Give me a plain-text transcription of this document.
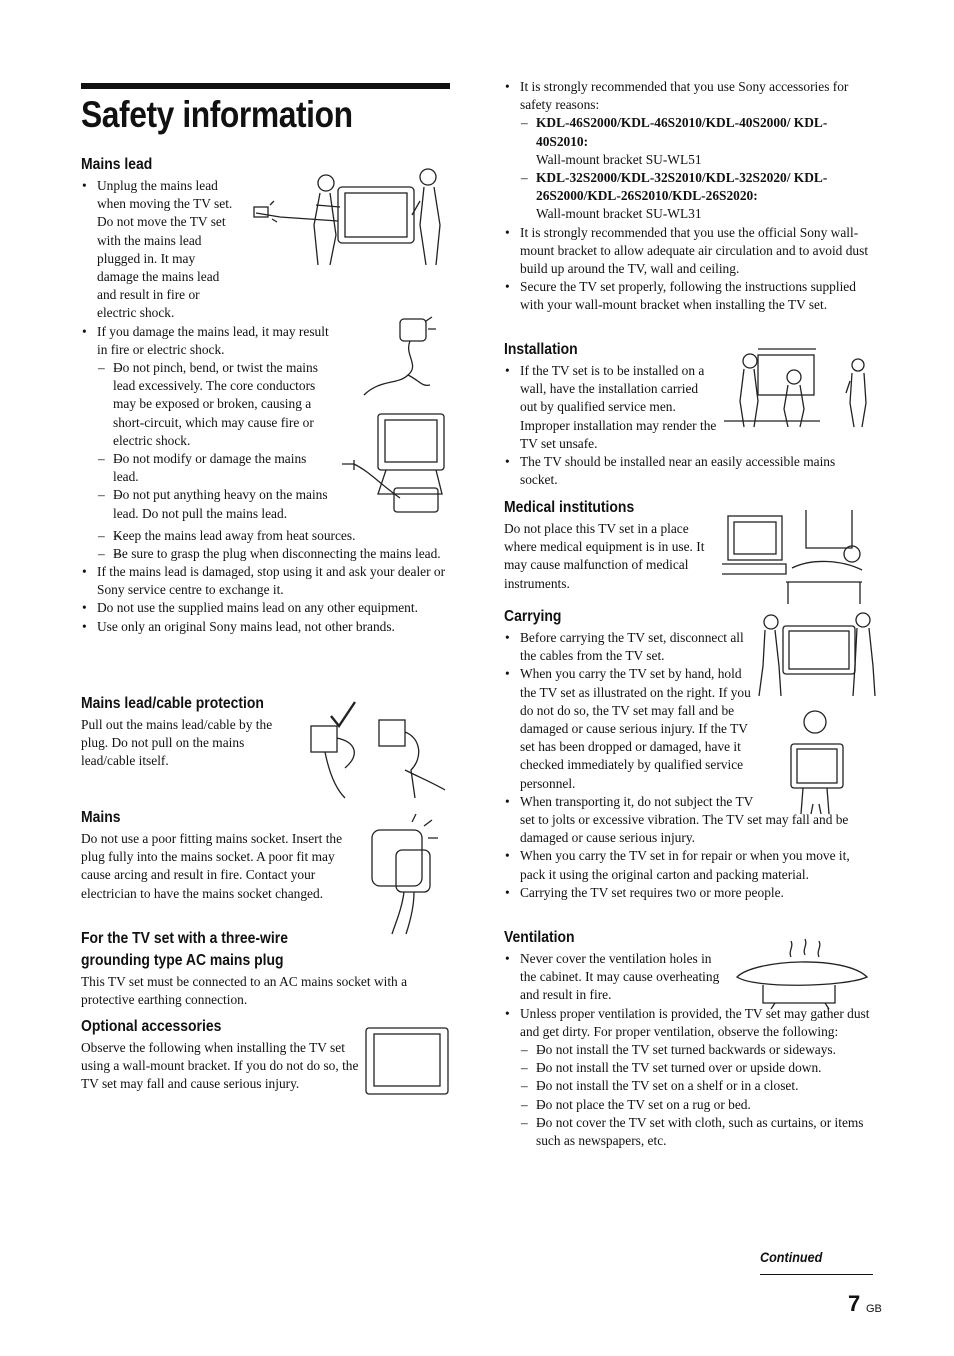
Safety information
Mains lead
• Unplug the mains lead when moving the TV set. Do not move the TV set with the mains lead plugged in. It may damage the mains lead and result in fire or electric shock.
• If you damage the mains lead, it may result in fire or electric shock.
– – Do not pinch, bend, or twist the mains lead excessively. The core conductors may be exposed or broken, causing a short-circuit, which may cause fire or electric shock.
– – Do not modify or damage the mains lead.
– – Do not put anything heavy on the mains lead. Do not pull the mains lead.
– – Keep the mains lead away from heat sources.
– – Be sure to grasp the plug when disconnecting the mains lead.
• If the mains lead is damaged, stop using it and ask your dealer or Sony service centre to exchange it.
• Do not use the supplied mains lead on any other equipment.
• Use only an original Sony mains lead, not other brands.
Mains lead/cable protection

Pull out the mains lead/cable by the plug. Do not pull on the mains lead/cable itself.

Mains

Do not use a poor fitting mains socket. Insert the plug fully into the mains socket. A poor fit may cause arcing and result in fire. Contact your electrician to have the mains socket changed.

For the TV set with a three-wire
grounding type AC mains plug

This TV set must be connected to an AC mains socket with a protective earthing connection.

Optional accessories

Observe the following when installing the TV set using a wall-mount bracket. If you do not do so, the TV set may fall and cause serious injury.

• It is strongly recommended that you use Sony accessories for safety reasons:
– KDL-46S2000/KDL-46S2010/KDL-40S2000/ KDL-40S2010:
Wall-mount bracket SU-WL51
– KDL-32S2000/KDL-32S2010/KDL-32S2020/ KDL-26S2000/KDL-26S2010/KDL-26S2020:
Wall-mount bracket SU-WL31
• It is strongly recommended that you use the official Sony wall-mount bracket to allow adequate air circulation and to avoid dust build up around the TV, wall and ceiling.
• Secure the TV set properly, following the instructions supplied with your wall-mount bracket when installing the TV set.
Installation
• If the TV set is to be installed on a wall, have the installation carried out by qualified service men. Improper installation may render the TV set unsafe.
• The TV should be installed near an easily accessible mains socket.
Medical institutions

Do not place this TV set in a place where medical equipment is in use. It may cause malfunction of medical instruments.

Carrying
• Before carrying the TV set, disconnect all the cables from the TV set.
• When you carry the TV set by hand, hold the TV set as illustrated on the right. If you do not do so, the TV set may fall and be damaged or cause serious injury. If the TV set has been dropped or damaged, have it checked immediately by qualified service personnel.
• When transporting it, do not subject the TV set to jolts or excessive vibration. The TV set may fall and be damaged or cause serious injury.
• When you carry the TV set in for repair or when you move it, pack it using the original carton and packing material.
• Carrying the TV set requires two or more people.
Ventilation
• Never cover the ventilation holes in the cabinet. It may cause overheating and result in fire.
• Unless proper ventilation is provided, the TV set may gather dust and get dirty. For proper ventilation, observe the following:
– – Do not install the TV set turned backwards or sideways.
– – Do not install the TV set turned over or upside down.
– – Do not install the TV set on a shelf or in a closet.
– – Do not place the TV set on a rug or bed.
– – Do not cover the TV set with cloth, such as curtains, or items such as newspapers, etc.
Continued
7 GB
